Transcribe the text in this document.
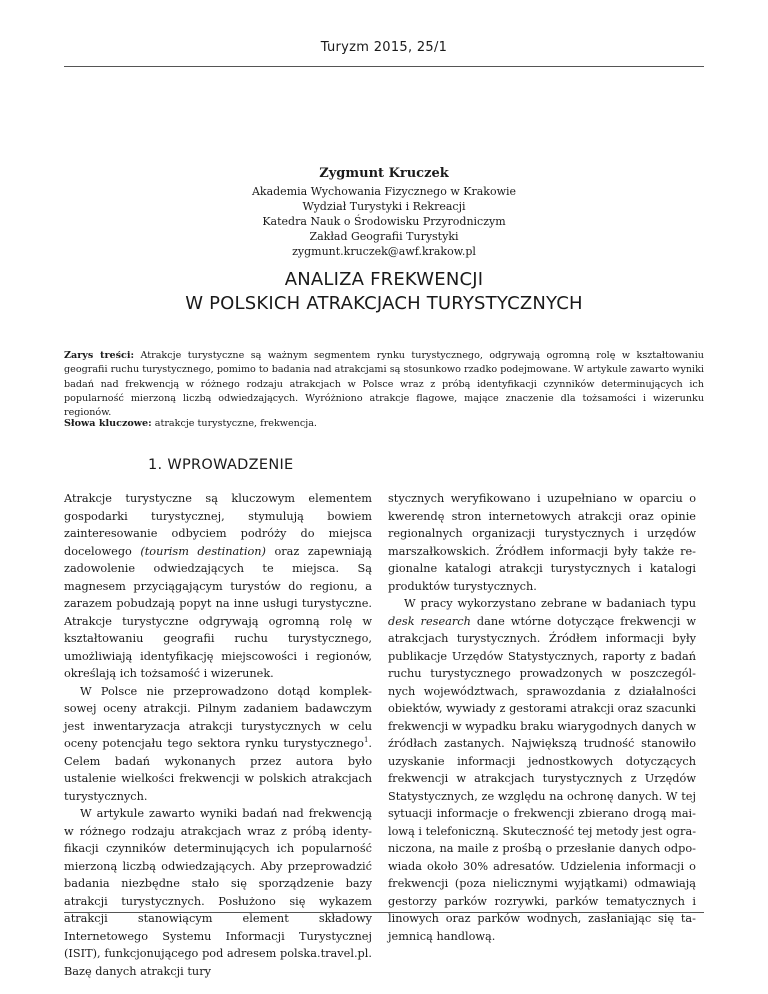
Turyzm 2015, 25/1
Zygmunt Kruczek
Akademia Wychowania Fizycznego w Krakowie
Wydział Turystyki i Rekreacji
Katedra Nauk o Środowisku Przyrodniczym
Zakład Geografii Turystyki
zygmunt.kruczek@awf.krakow.pl
ANALIZA FREKWENCJI
W POLSKICH ATRAKCJACH TURYSTYCZNYCH
Zarys treści: Atrakcje turystyczne są ważnym segmentem rynku turystycznego, odgrywają ogromną rolę w kształtowaniu geografii ruchu turystycznego, pomimo to badania nad atrakcjami są stosunkowo rzadko podejmowane. W artykule zawarto wyniki badań nad frekwencją w różnego rodzaju atrakcjach w Polsce wraz z próbą identyfikacji czynników determinujących ich popularność mierzoną liczbą odwiedzających. Wyróżniono atrakcje flagowe, mające znaczenie dla tożsamości i wizerunku regionów.
Słowa kluczowe: atrakcje turystyczne, frekwencja.
1. WPROWADZENIE

Atrakcje turystyczne są kluczowym elementem gospodarki turystycznej, stymulują bowiem zainteresowanie odbyciem podróży do miejsca docelowego (tourism destination) oraz zapewniają zadowolenie odwiedzających te miejsca. Są magnesem przyciągającym turystów do regionu, a zarazem pobudzają popyt na inne usługi turystyczne. Atrakcje turystyczne odgrywają ogromną rolę w kształtowaniu geografii ruchu turystycznego, umożliwiają identyfikację miejscowości i regionów, określają ich tożsamość i wizerunek.

W Polsce nie przeprowadzono dotąd kompleksowej oceny atrakcji. Pilnym zadaniem badawczym jest inwentaryzacja atrakcji turystycznych w celu oceny potencjału tego sektora rynku turystycznego$^1$. Celem badań wykonanych przez autora było ustalenie wielkości frekwencji w polskich atrakcjach turystycznych.

W artykule zawarto wyniki badań nad frekwencją w różnego rodzaju atrakcjach wraz z próbą identyfikacji czynników determinujących ich popularność mierzoną liczbą odwiedzających. Aby przeprowadzić badania niezbędne stało się sporządzenie bazy atrakcji turystycznych. Posłużono się wykazem atrakcji stanowiącym element składowy Internetowego Systemu Informacji Turystycznej (ISIT), funkcjonującego pod adresem polska.travel.pl. Bazę danych atrakcji tury

stycznych weryfikowano i uzupełniano w oparciu o kwerendę stron internetowych atrakcji oraz opinie regionalnych organizacji turystycznych i urzędów marszałkowskich. Źródłem informacji były także regionalne katalogi atrakcji turystycznych i katalogi produktów turystycznych.

W pracy wykorzystano zebrane w badaniach typu desk research dane wtórne dotyczące frekwencji w atrakcjach turystycznych. Źródłem informacji były publikacje Urzędów Statystycznych, raporty z badań ruchu turystycznego prowadzonych w poszczególnych województwach, sprawozdania z działalności obiektów, wywiady z gestorami atrakcji oraz szacunki frekwencji w wypadku braku wiarygodnych danych w źródłach zastanych. Największą trudność stanowiło uzyskanie informacji jednostkowych dotyczących frekwencji w atrakcjach turystycznych z Urzędów Statystycznych, ze względu na ochronę danych. W tej sytuacji informacje o frekwencji zbierano drogą mailową i telefoniczną. Skuteczność tej metody jest ograniczona, na maile z prośbą o przesłanie danych odpowiada około 30% adresatów. Udzielenia informacji o frekwencji (poza nielicznymi wyjątkami) odmawiają gestorzy parków rozrywki, parków tematycznych i linowych oraz parków wodnych, zasłaniając się tajemnicą handlową.
